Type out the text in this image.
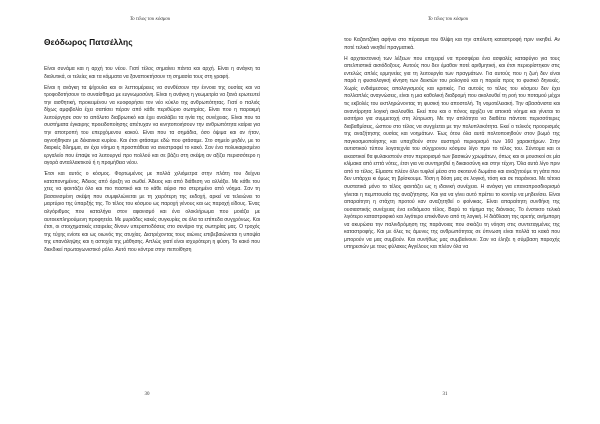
Το τέλος του κόσμου
Θεόδωρος Πατσέλλης

Είναι συνάμα και η αρχή του νέου. Γιατί τέλος σημαίνει πάντα και αρχή. Είναι η ανάγκη τα διαλυτικά, οι τελείες και τα κόμματα να ξαναποκτήσουν τη σημασία τους στη γραφή.

Είναι η ανάγκη τα ψίχουλα και οι λεπτομέρειες να συνθέσουν την έννοια της ουσίας και να τροφοδοτήσουν το συναίσθημα με ευγνωμοσύνη. Είναι η ανάγκη η γεωμετρία να ξανά ερωτευτεί την αισθητική, προκειμένου να κυοφορήσει τον νέο κύκλο της ανθρωπότητας. Γιατί ο παλιός δίχως αμφιβολία έχει σαπίσει πέραν από κάθε περιθώριο σωτηρίας. Είναι που η παρακμή λειτούργησε σαν το απόλυτο διαβρωτικό και έχει αναλάβει τα ηνία της συνέχειας. Είναι που τα συστήματα έγκαιρης προειδοποίησης απέτυχαν να κινητοποιήσουν την ανθρωπότητα καίρια για την αποτροπή του επερχόμενου κακού. Είναι που τα σημάδια, όσο όψιμα και αν ήταν, αγνοήθηκαν με δέκανικα κυρίου. Και έτσι φτάσαμε εδώ που φτάσαμε. Στο σημείο μηδέν, με το διαρκές δίλημμα, αν έχει νόημα η προσπάθεια να ανεστραφεί το κακό. Σαν ένα πολυκαιρισμένο εργαλείο που έπαψε να λειτουργεί προ πολλού και σε βάζει στη σκέψη αν αξίζει περισσότερο η αγορά ανταλλακτικού ή η προμήθεια νέου.

Έτσι και αυτός ο κόσμος. Φορτωμένος με πολλά χιλιόμετρα στην πλάτη του δείχνει καταπονημένος. Άδειος από όρεξη να σωθεί. Άδειος και από διάθεση να αλλάξει. Με κάθε του χτες να φαντάζει όλο και πιο παστικό και το κάθε αύριο πιο στερημένο από νόημα. Σαν τη βασανισμένη σκέψη που συμφιλιώνεται με τη χειρότερη της εκδοχή, αρκεί να τελειώνει το μαρτύριο της ύπαρξής της. Το τέλος του κόσμου ως παροχή γένους και ως παροχή είδους. Ένας αλγόριθμος που καταλήγει στον αφανισμό και ένα ολοκλήρωμα που μοιάζει με αυτοεκπληρούμενη προφητεία. Με μυριάδες κακές συγκυρίες σε όλα τα επίπεδα συγχρόνως. Και έτσι, οι στοιχηματικές εταιρείες δίνουν υπεραποδόσεις στο σενάριο της σωτηρίας μας. Ο τροχός της τύχης ενίοτε και ως οιωνός της ατυχίας. Διατρέχοντας τους αιώνες επιβεβαιώνεται η υποψία της επανάληψης και η αστοχία της μάθησης. Απλώς γιατί είναι ισχυρότερη η φύση. Το κακό που διεκδικεί πρωταγωνιστικό ρόλο. Αυτό που κόντρα στην πεποίθηση

30
Το τέλος του κόσμου

του Καζαντζάκη αφήνει στο πέρασμα του θλίψη και την απόλυτη καταστροφή πριν νικηθεί. Αν ποτέ τελικά νικηθεί πραγματικά.

Η αρχιτεκτονική των λέξεων που επιχειρεί να προσφέρει ένα ασφαλές καταφύγιο για τους απελπιστικά αισιόδοξους. Αυτούς που δεν έμαθαν ποτέ αριθμητική, και έτσι περιορίστηκαν στις εντελώς απλές ερμηνείες για τη λειτουργία των πραγμάτων. Για αυτούς που η ζωή δεν είναι παρά η φυσιολογική κίνηση των δεικτών του ρολογιού και η πορεία προς το φυσικό δηνεκές. Χωρίς ενδιάμεσους απολογισμούς και κριτικές. Για αυτούς το τέλος του κόσμου δεν έχει πολλαπλές αναγνώσεις, είναι η μια καθολική διαδρομή που ακολουθεί τη ροή του ποταμού μέχρι τις εκβολές του εκπληρώνοντας τη φυσική του αποστολή. Τη νομοτέλειακή. Την αβασάνιστα και αναντίρρητα λογική ακολουθία. Εκεί που και ο πόνος αρχίζει να αποκτά νόημα και γίνεται το εισιτήριο για συμμετοχή στη λύτρωση. Με την απλότητα να διαθέτει πάντοτε περισσότερες διαβαθμίσεις, ώσπου στο τέλος να συγχέεται με την πολυπλοκότητα. Εκεί ο τελικός προορισμός της αναζήτησης ουσίας και νοημάτων. Έως ότου όλα αυτά πολτοποιηθούν στον βωμό της παγκοσμιοποίησης και υπαχθούν στον αυστηρό περιορισμό των 160 χαρακτήρων. Στην αυτιστικού τύπου λογοτεχνία του σύγχρονου κόσμου λίγο πριν το τέλος του. Σύντομα και οι εικαστικοί θα φυλακιστούν στον περιορισμό των βασικών χρωμάτων, όπως και οι μουσικοί σε μία κλίμακα από επτά νότες, έτσι για να συντηρηθεί η δικαιοσύνη και στην τέχνη. Όλα αυτά λίγο πριν από το τέλος. Είμαστε πλέον όλοι τυφλοί μέσα στο σκοτεινό δωμάτιο και αναζητούμε τη γάτα που δεν υπάρχει κι όμως τη βρίσκουμε. Τόση η δόση μας σε λογική, τόση και σε παράνοια. Με τέτοια συστατικά μόνο το τέλος φαντάζει ως η ιδανική συνέχεια. Η ανάγκη για επαναπροσδιορισμό γίνεται η πεμπτουσία της αναζήτησης. Και για να γίνει αυτό πρέπει το κοντέρ να μηδενίσει. Είναι απαραίτητη η στάχτη προτού καν αναζητηθεί ο φοίνικας. Είναι απαραίτητη συνθήκη της ουσιαστικής συνέχειας ένα ενδιάμεσο τέλος. Βαρύ το τίμημα της διάνοιας. Το ένστικτο τελικά λιγότερο καταστροφικό και λιγότερο επικίνδυνο από τη λογική. Η διάθλαση της αρετής ανήμπορη να ακυρώσει την παλινδρόμηση της παράνοιας που σκιάζει τη νόηση στις συντεταγμένες της καταστροφής. Και με όλες τις άμυνες της ανθρωπότητας σε ύπνωση είναι πολλά τα κακά που μπορούν να μας συμβούν. Και συνήθως μας συμβαίνουν. Σαν να έληξε η σύμβαση παροχής υπηρεσιών με τους φύλακες Αγγέλους και πλέον όλα να

31
